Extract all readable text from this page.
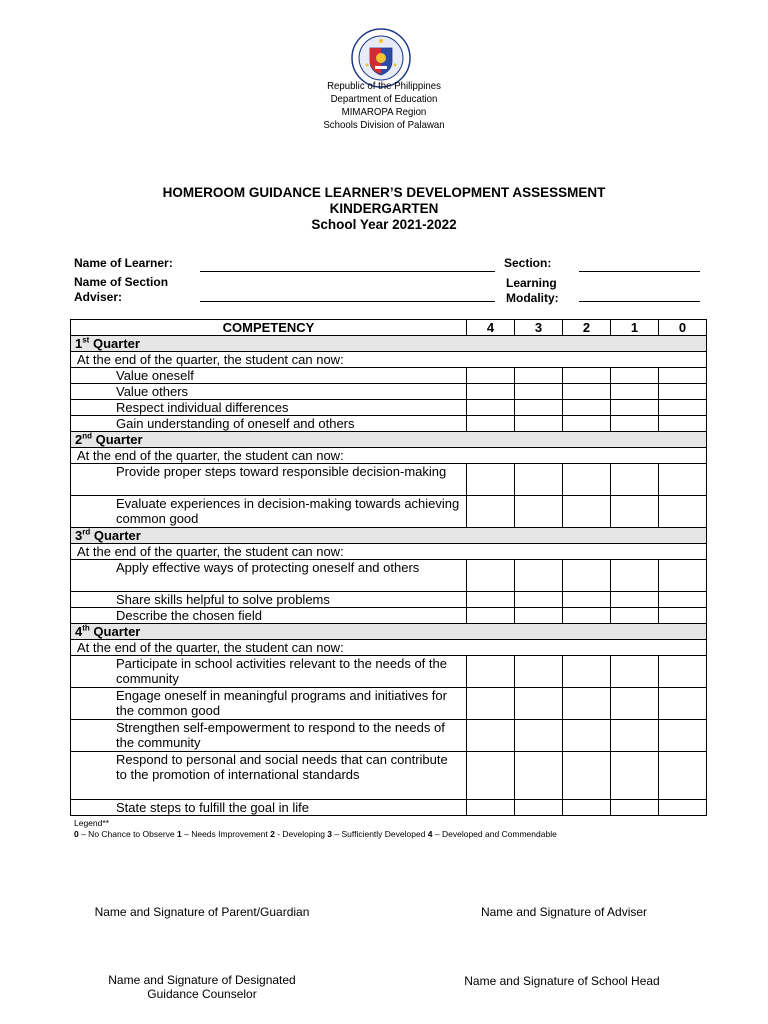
Republic of the Philippines
Department of Education
MIMAROPA Region
Schools Division of Palawan
HOMEROOM GUIDANCE LEARNER’S DEVELOPMENT ASSESSMENT
KINDERGARTEN
School Year 2021-2022
Name of Learner:	Section:
Name of Section
Adviser:
Learning
Modality:
COMPETENCY	4	3	2	1	0
1st Quarter					
At the end of the quarter, the student can now:					
Value oneself					
Value others					
Respect individual differences					
Gain understanding of oneself and others					
2nd Quarter					
At the end of the quarter, the student can now:					
Provide proper steps toward responsible decision-making					
Evaluate experiences in decision-making towards achieving common good					
3rd Quarter					
At the end of the quarter, the student can now:					
Apply effective ways of protecting oneself and others					
Share skills helpful to solve problems					
Describe the chosen field					
4th Quarter					
At the end of the quarter, the student can now:					
Participate in school activities relevant to the needs of the community					
Engage oneself in meaningful programs and initiatives for the common good					
Strengthen self-empowerment to respond to the needs of the community					
Respond to personal and social needs that can contribute to the promotion of international standards					
State steps to fulfill the goal in life					
Legend**
0 – No Chance to Observe 1 – Needs Improvement 2 - Developing 3 – Sufficiently Developed 4 – Developed and Commendable
Name and Signature of Parent/Guardian	Name and Signature of Adviser
Name and Signature of Designated
Guidance Counselor
Name and Signature of School Head
